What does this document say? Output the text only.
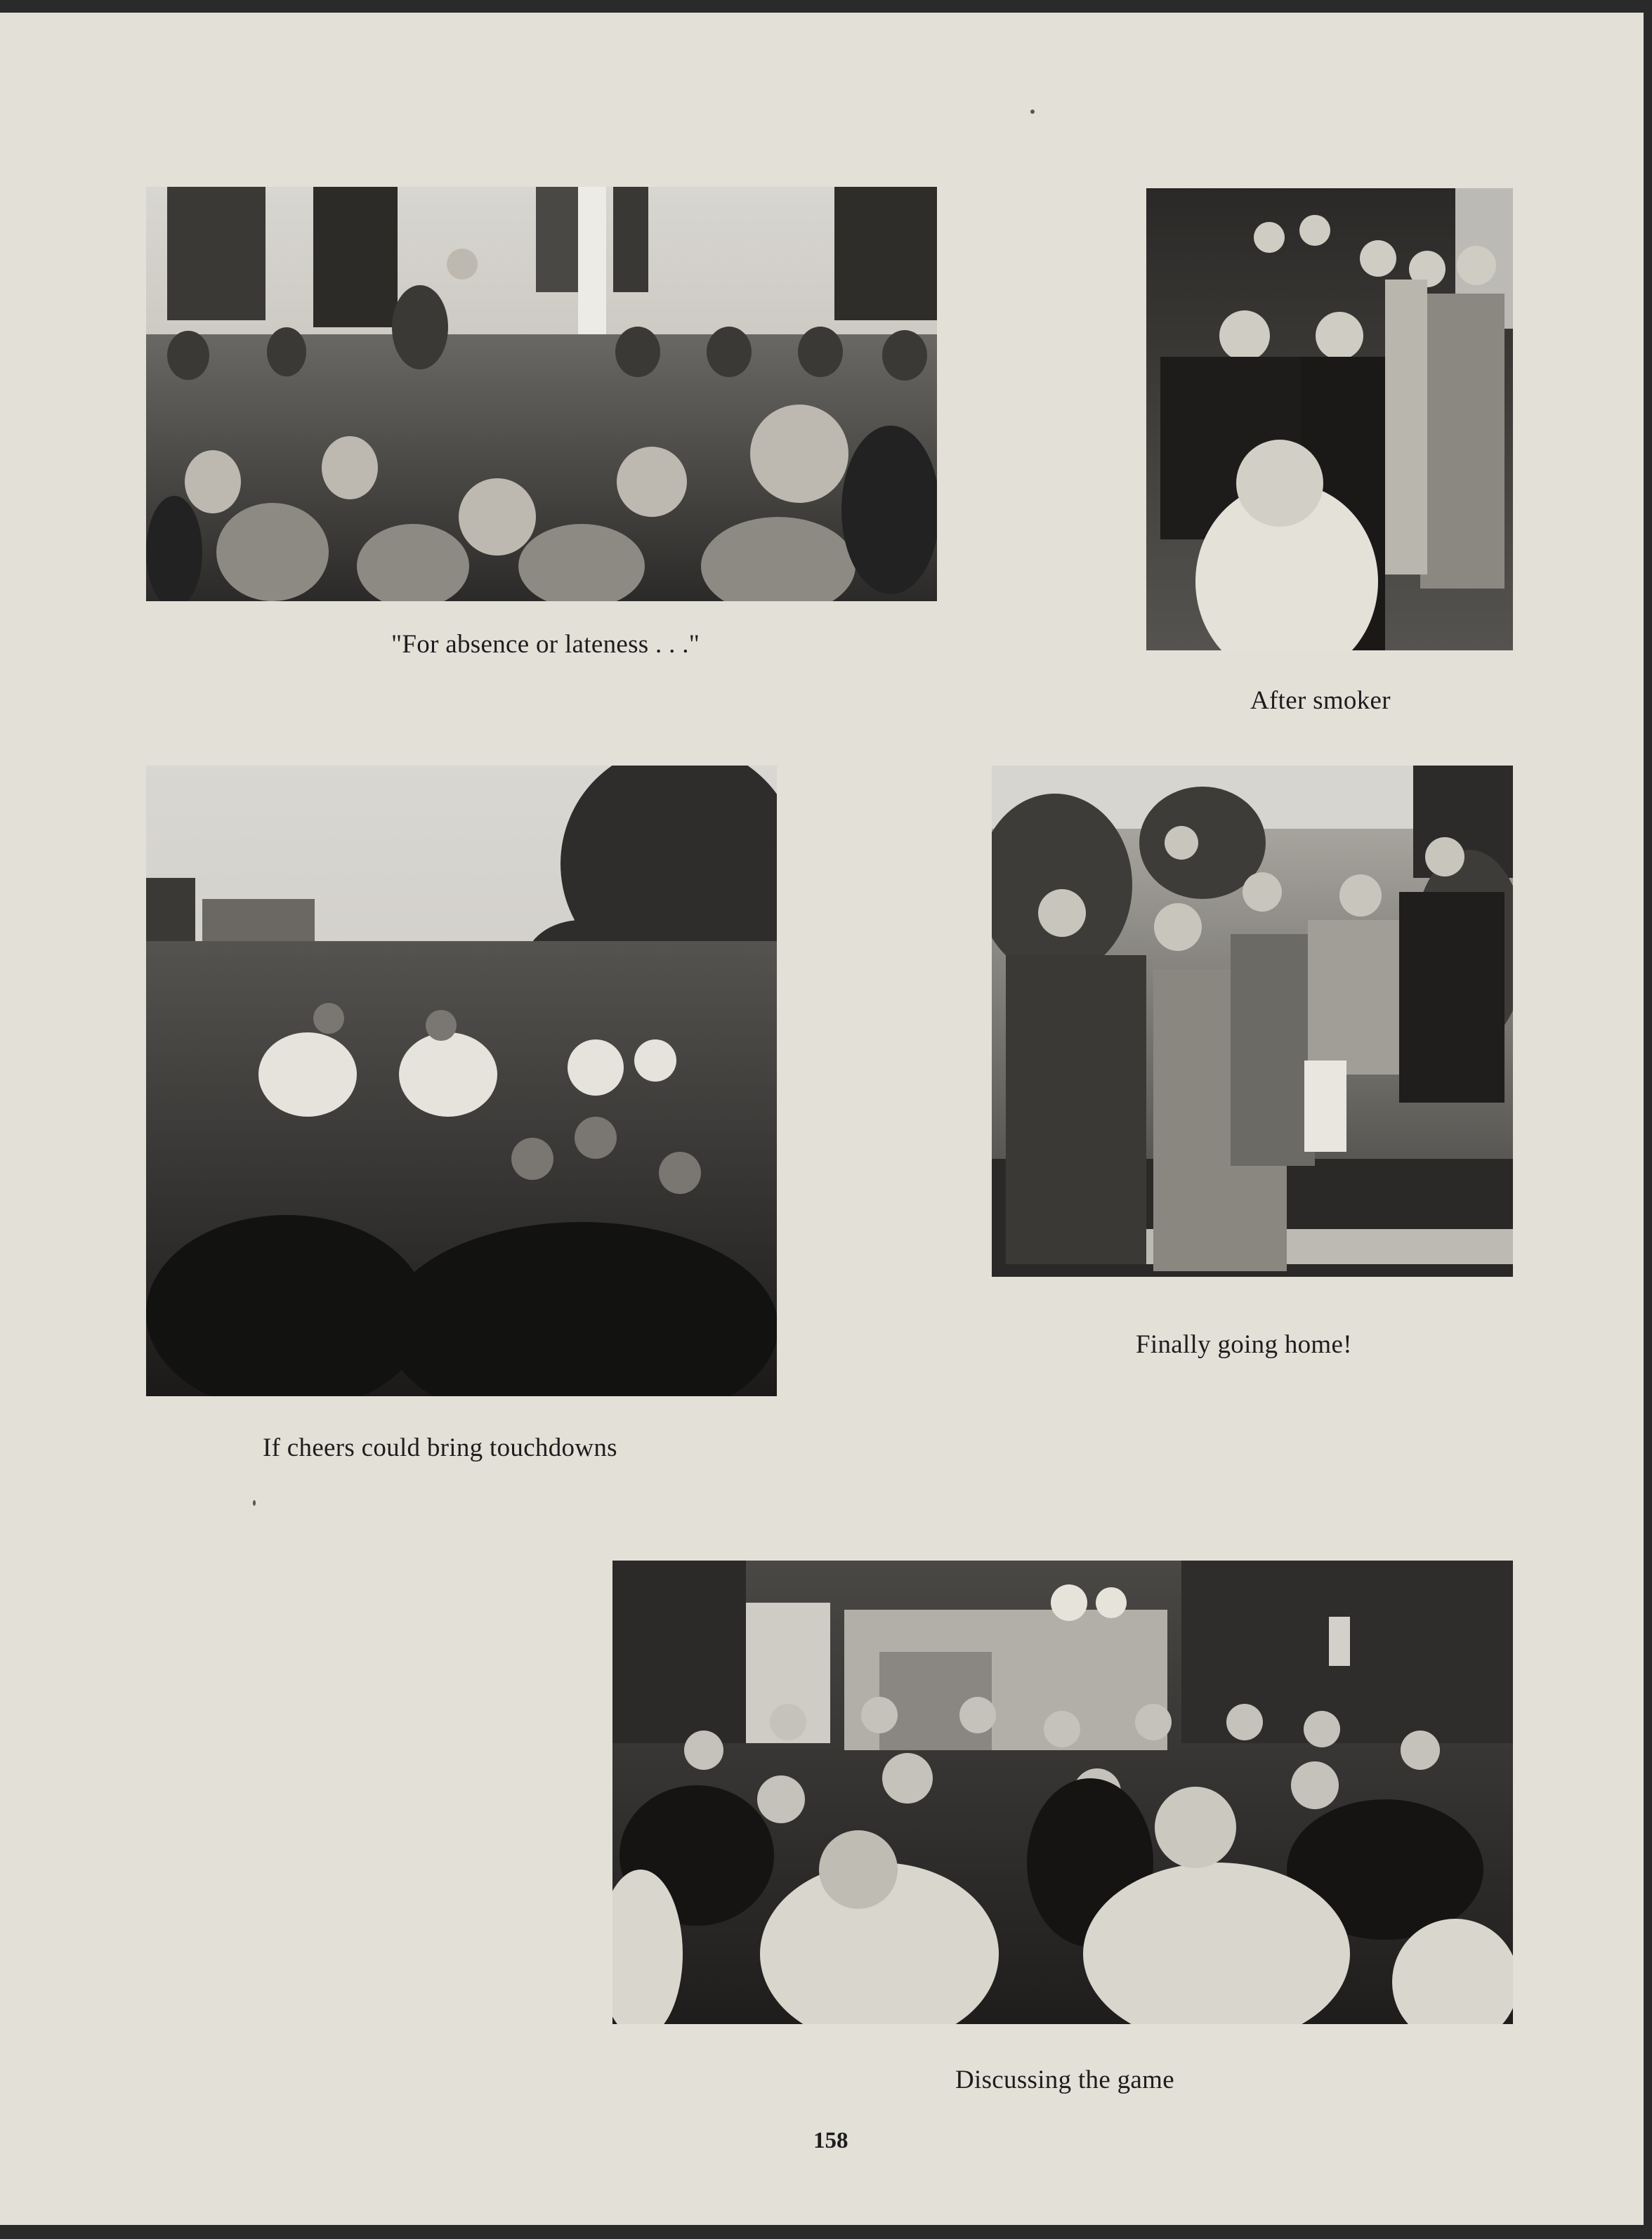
"For absence or lateness . . ."
After smoker
If cheers could bring touchdowns
Finally going home!
Discussing the game
158
